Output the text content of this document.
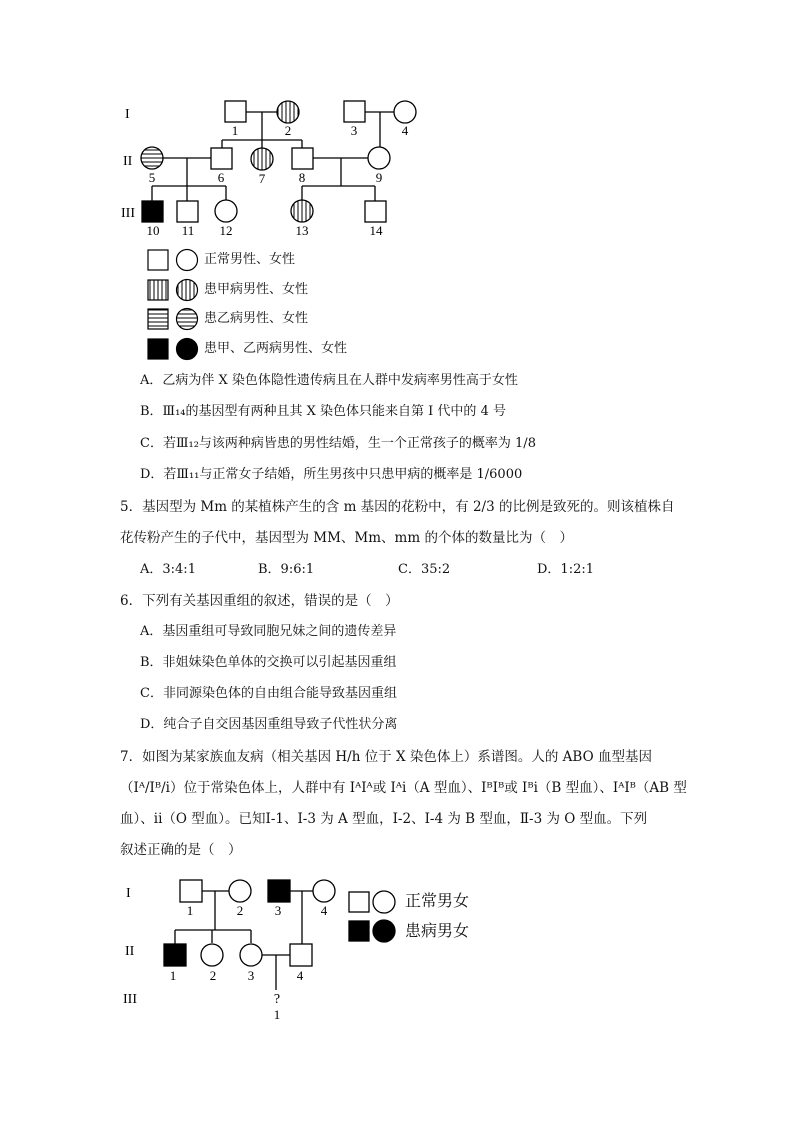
I
II
III
1	2	3	4
5	6	7	8	9
10 11 12	13	14
正常男性、女性
患甲病男性、女性
患乙病男性、女性
患甲、乙两病男性、女性
A．乙病为伴 X 染色体隐性遗传病且在人群中发病率男性高于女性
B．Ⅲ₁₄的基因型有两种且其 X 染色体只能来自第 I 代中的 4 号
C．若Ⅲ₁₂与该两种病皆患的男性结婚，生一个正常孩子的概率为 1/8
D．若Ⅲ₁₁与正常女子结婚，所生男孩中只患甲病的概率是 1/6000
5．基因型为 Mm 的某植株产生的含 m 基因的花粉中，有 2/3 的比例是致死的。则该植株自
花传粉产生的子代中，基因型为 MM、Mm、mm 的个体的数量比为（　）
A．3:4:1	B．9:6:1	C．35:2	D．1:2:1
6．下列有关基因重组的叙述，错误的是（　）
A．基因重组可导致同胞兄妹之间的遗传差异
B．非姐妹染色单体的交换可以引起基因重组
C．非同源染色体的自由组合能导致基因重组
D．纯合子自交因基因重组导致子代性状分离
7．如图为某家族血友病（相关基因 H/h 位于 X 染色体上）系谱图。人的 ABO 血型基因
（Iᴬ/Iᴮ/i）位于常染色体上，人群中有 IᴬIᴬ或 Iᴬi（A 型血）、IᴮIᴮ或 Iᴮi（B 型血）、IᴬIᴮ（AB 型
血）、ii（O 型血）。已知Ⅰ-1、Ⅰ-3 为 A 型血，Ⅰ-2、Ⅰ-4 为 B 型血，Ⅱ-3 为 O 型血。下列
叙述正确的是（　）
I
II
III
1	2 3	4
1	2 3	4
?
1
正常男女
患病男女
